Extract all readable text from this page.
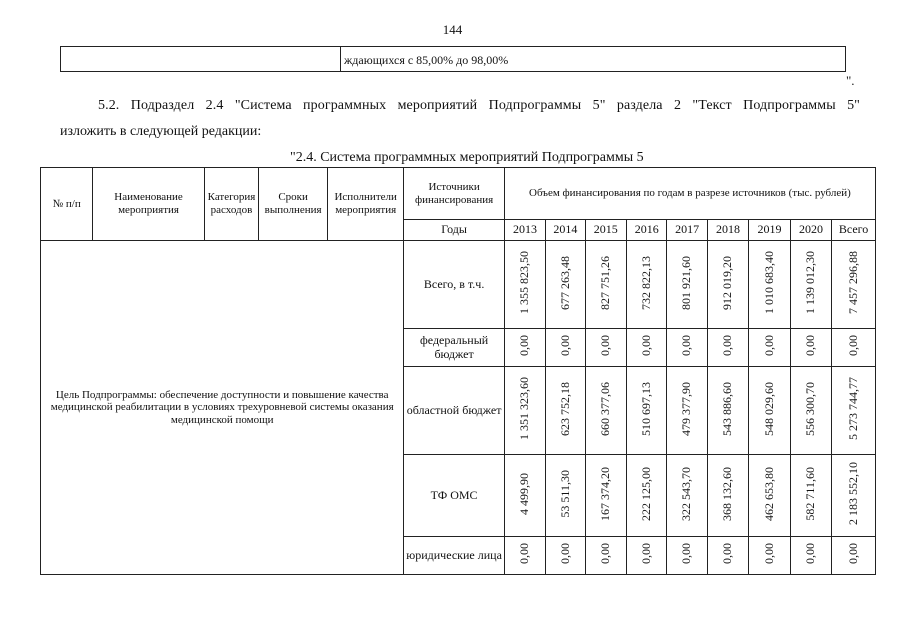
144
ждающихся с 85,00% до 98,00%
".
5.2. Подраздел 2.4 "Система программных мероприятий Подпрограммы 5" раздела 2 "Текст Подпрограммы 5"
изложить в следующей редакции:
"2.4. Система программных мероприятий Подпрограммы 5
№ п/п	Наименование мероприятия	Категория расходов	Сроки выполнения	Исполнители мероприятия	Источники финансирования	Объем финансирования по годам в разрезе источников (тыс. рублей)								
					Годы	2013	2014	2015	2016	2017	2018	2019	2020	Всего
Цель Подпрограммы: обеспечение доступности и повышение качества медицинской реабилитации в условиях трехуровневой системы оказания медицинской помощи					Всего, в т.ч.	1 355 823,50	677 263,48	827 751,26	732 822,13	801 921,60	912 019,20	1 010 683,40	1 139 012,30	7 457 296,88
					федеральный бюджет	0,00	0,00	0,00	0,00	0,00	0,00	0,00	0,00	0,00
					областной бюджет	1 351 323,60	623 752,18	660 377,06	510 697,13	479 377,90	543 886,60	548 029,60	556 300,70	5 273 744,77
					ТФ ОМС	4 499,90	53 511,30	167 374,20	222 125,00	322 543,70	368 132,60	462 653,80	582 711,60	2 183 552,10
					юридические лица	0,00	0,00	0,00	0,00	0,00	0,00	0,00	0,00	0,00
